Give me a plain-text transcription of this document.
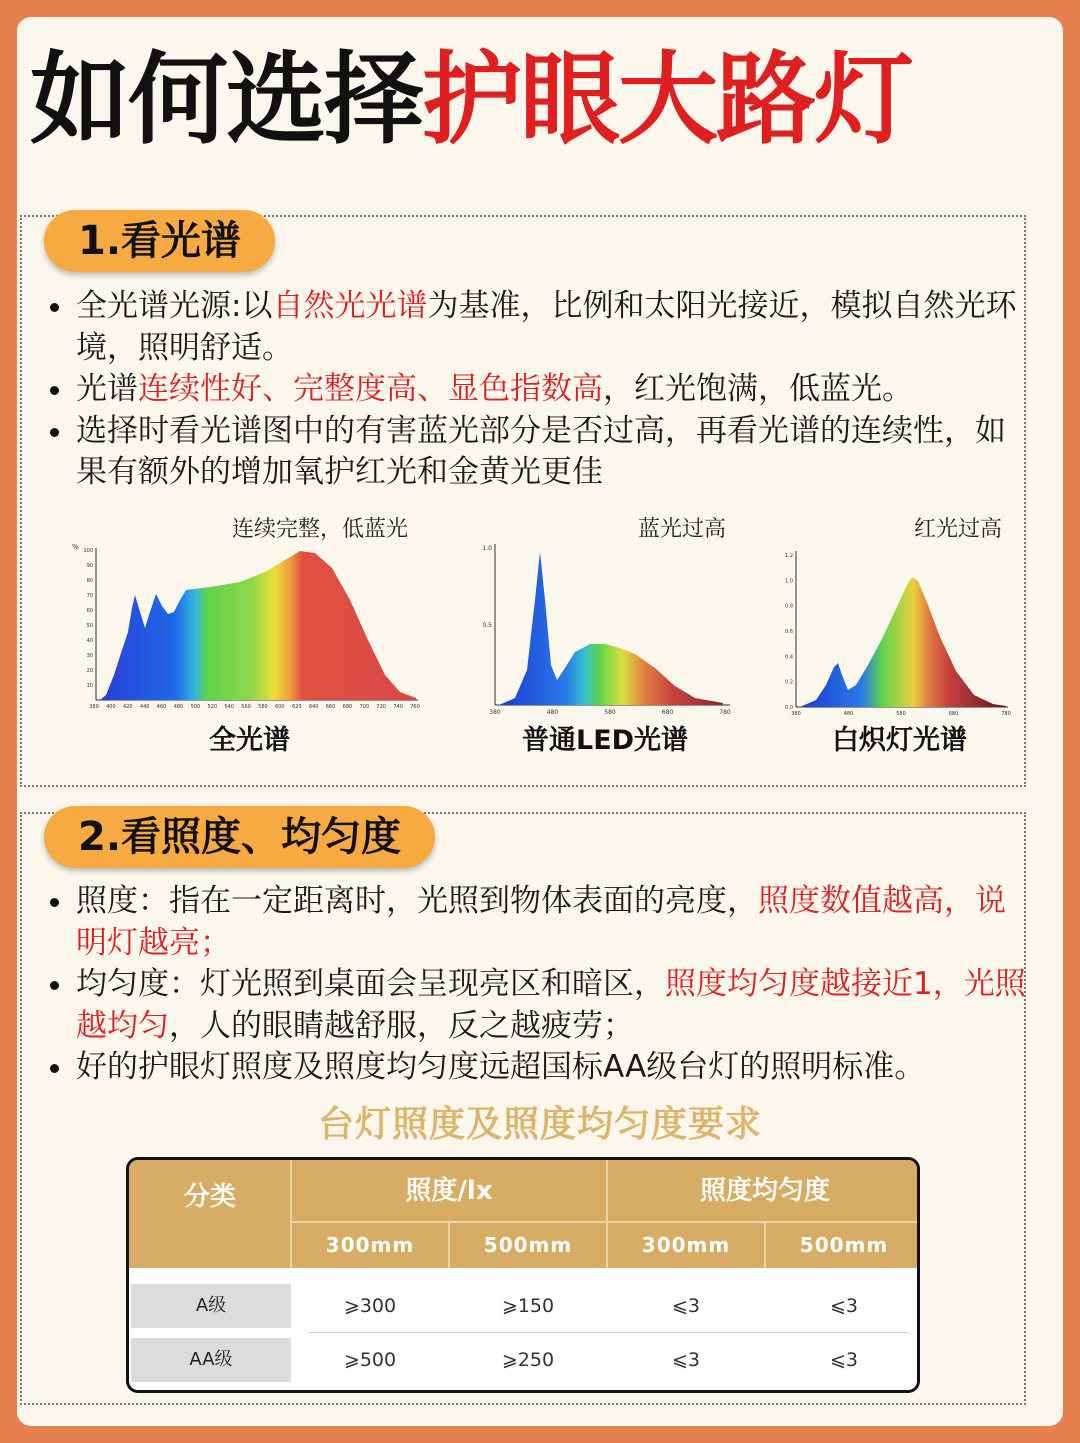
如何选择护眼大路灯
1.看光谱
全光谱光源:以自然光光谱为基准，比例和太阳光接近，模拟自然光环境，照明舒适。
光谱连续性好、完整度高、显色指数高，红光饱满，低蓝光。
选择时看光谱图中的有害蓝光部分是否过高，再看光谱的连续性，如果有额外的增加氧护红光和金黄光更佳
连续完整，低蓝光	蓝光过高	红光过高
% 100
90
80
70
60
50
40
30
20
10
380 400 420 440 460 480 500 520 540 560 580 600 620 640 660 680 700 720 740 760
全光谱
1.0
0.5
380	480	580	680	780
普通LED光谱
1.2
1.0
0.8
0.6
0.4
0.2
0.0
380	480	580	680	780
白炽灯光谱
2.看照度、均匀度
照度：指在一定距离时，光照到物体表面的亮度，照度数值越高，说明灯越亮；
均匀度：灯光照到桌面会呈现亮区和暗区，照度均匀度越接近1，光照越均匀，人的眼睛越舒服，反之越疲劳；
好的护眼灯照度及照度均匀度远超国标AA级台灯的照明标准。
台灯照度及照度均匀度要求
分类	照度/lx	照度均匀度
300mm	500mm	300mm	500mm
A级	⩾300	⩾150	⩽3	⩽3
AA级	⩾500	⩾250	⩽3	⩽3
